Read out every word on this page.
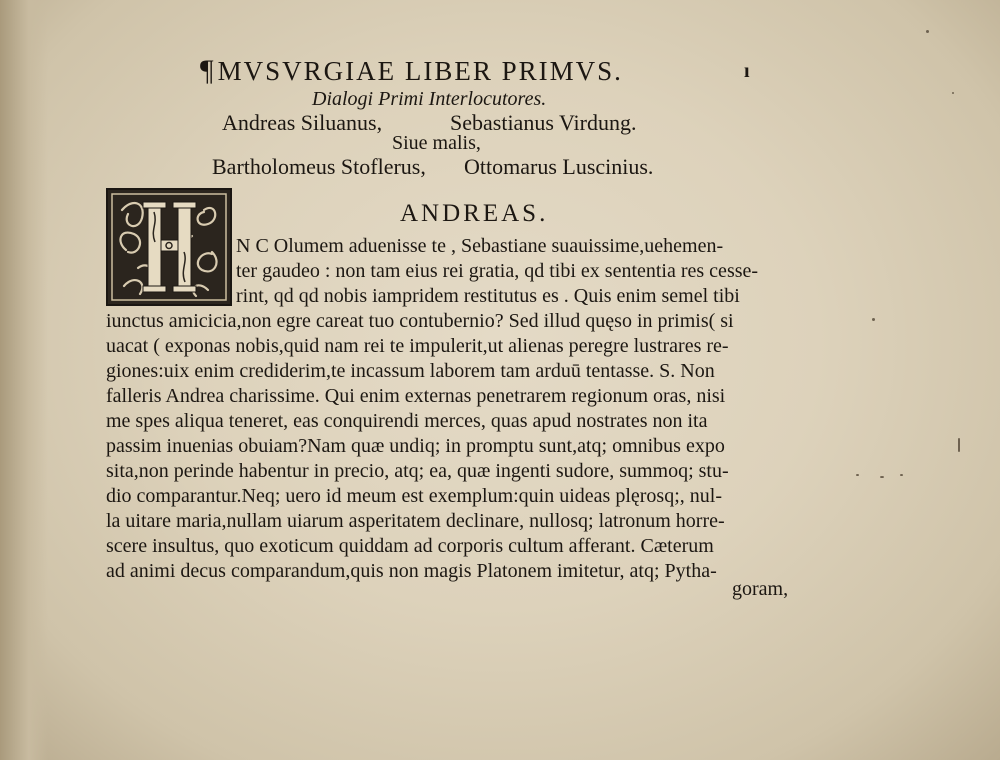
¶MVSVRGIAE LIBER PRIMVS.	ı
Dialogi Primi Interlocutores.
Andreas Siluanus,	Sebastianus Virdung.
Siue malis,
Bartholomeus Stoflerus, Ottomarus Luscinius.
ANDREAS.
N C Olumem aduenisse te , Sebastiane suauissime,uehemen-
ter gaudeo : non tam eius rei gratia, qd tibi ex sententia res cesse-
rint, qd qd nobis iampridem restitutus es . Quis enim semel tibi
iunctus amicicia,non egre careat tuo contubernio? Sed illud quęso in primis( si
uacat ( exponas nobis,quid nam rei te impulerit,ut alienas peregre lustrares re-
giones:uix enim crediderim,te incassum laborem tam arduū tentasse. S. Non
falleris Andrea charissime. Qui enim externas penetrarem regionum oras, nisi
me spes aliqua teneret, eas conquirendi merces, quas apud nostrates non ita
passim inuenias obuiam?Nam quæ undiq; in promptu sunt,atq; omnibus expo
sita,non perinde habentur in precio, atq; ea, quæ ingenti sudore, summoq; stu-
dio comparantur.Neq; uero id meum est exemplum:quin uideas plęrosq;, nul-
la uitare maria,nullam uiarum asperitatem declinare, nullosq; latronum horre-
scere insultus, quo exoticum quiddam ad corporis cultum afferant. Cæterum
ad animi decus comparandum,quis non magis Platonem imitetur, atq; Pytha-
goram,
